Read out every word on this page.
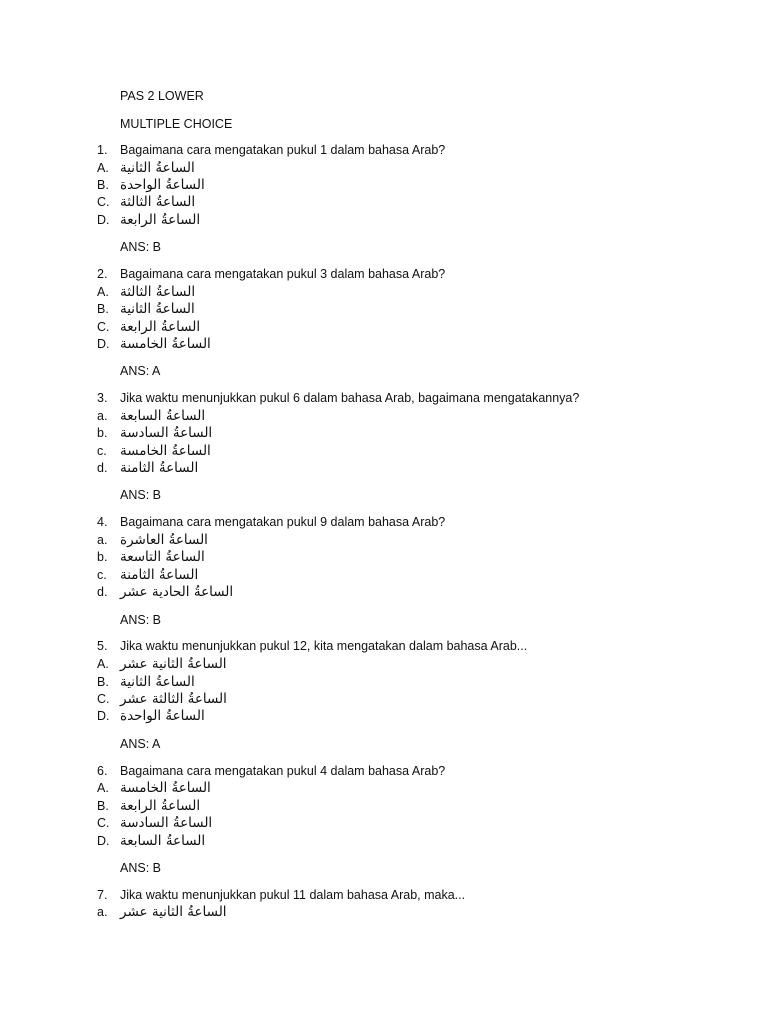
PAS 2 LOWER
MULTIPLE CHOICE
1. Bagaimana cara mengatakan pukul 1 dalam bahasa Arab?
A. الساعةُ الثانية
B. الساعةُ الواحدة
C. الساعةُ الثالثة
D. الساعةُ الرابعة
ANS: B
2. Bagaimana cara mengatakan pukul 3 dalam bahasa Arab?
A. الساعةُ الثالثة
B. الساعةُ الثانية
C. الساعةُ الرابعة
D. الساعةُ الخامسة
ANS: A
3. Jika waktu menunjukkan pukul 6 dalam bahasa Arab, bagaimana mengatakannya?
a. الساعةُ السابعة
b. الساعةُ السادسة
c. الساعةُ الخامسة
d. الساعةُ الثامنة
ANS: B
4. Bagaimana cara mengatakan pukul 9 dalam bahasa Arab?
a. الساعةُ العاشرة
b. الساعةُ التاسعة
c. الساعةُ الثامنة
d. الساعةُ الحادية عشر
ANS: B
5. Jika waktu menunjukkan pukul 12, kita mengatakan dalam bahasa Arab...
A. الساعةُ الثانية عشر
B. الساعةُ الثانية
C. الساعةُ الثالثة عشر
D. الساعةُ الواحدة
ANS: A
6. Bagaimana cara mengatakan pukul 4 dalam bahasa Arab?
A. الساعةُ الخامسة
B. الساعةُ الرابعة
C. الساعةُ السادسة
D. الساعةُ السابعة
ANS: B
7. Jika waktu menunjukkan pukul 11 dalam bahasa Arab, maka...
a. الساعةُ الثانية عشر
